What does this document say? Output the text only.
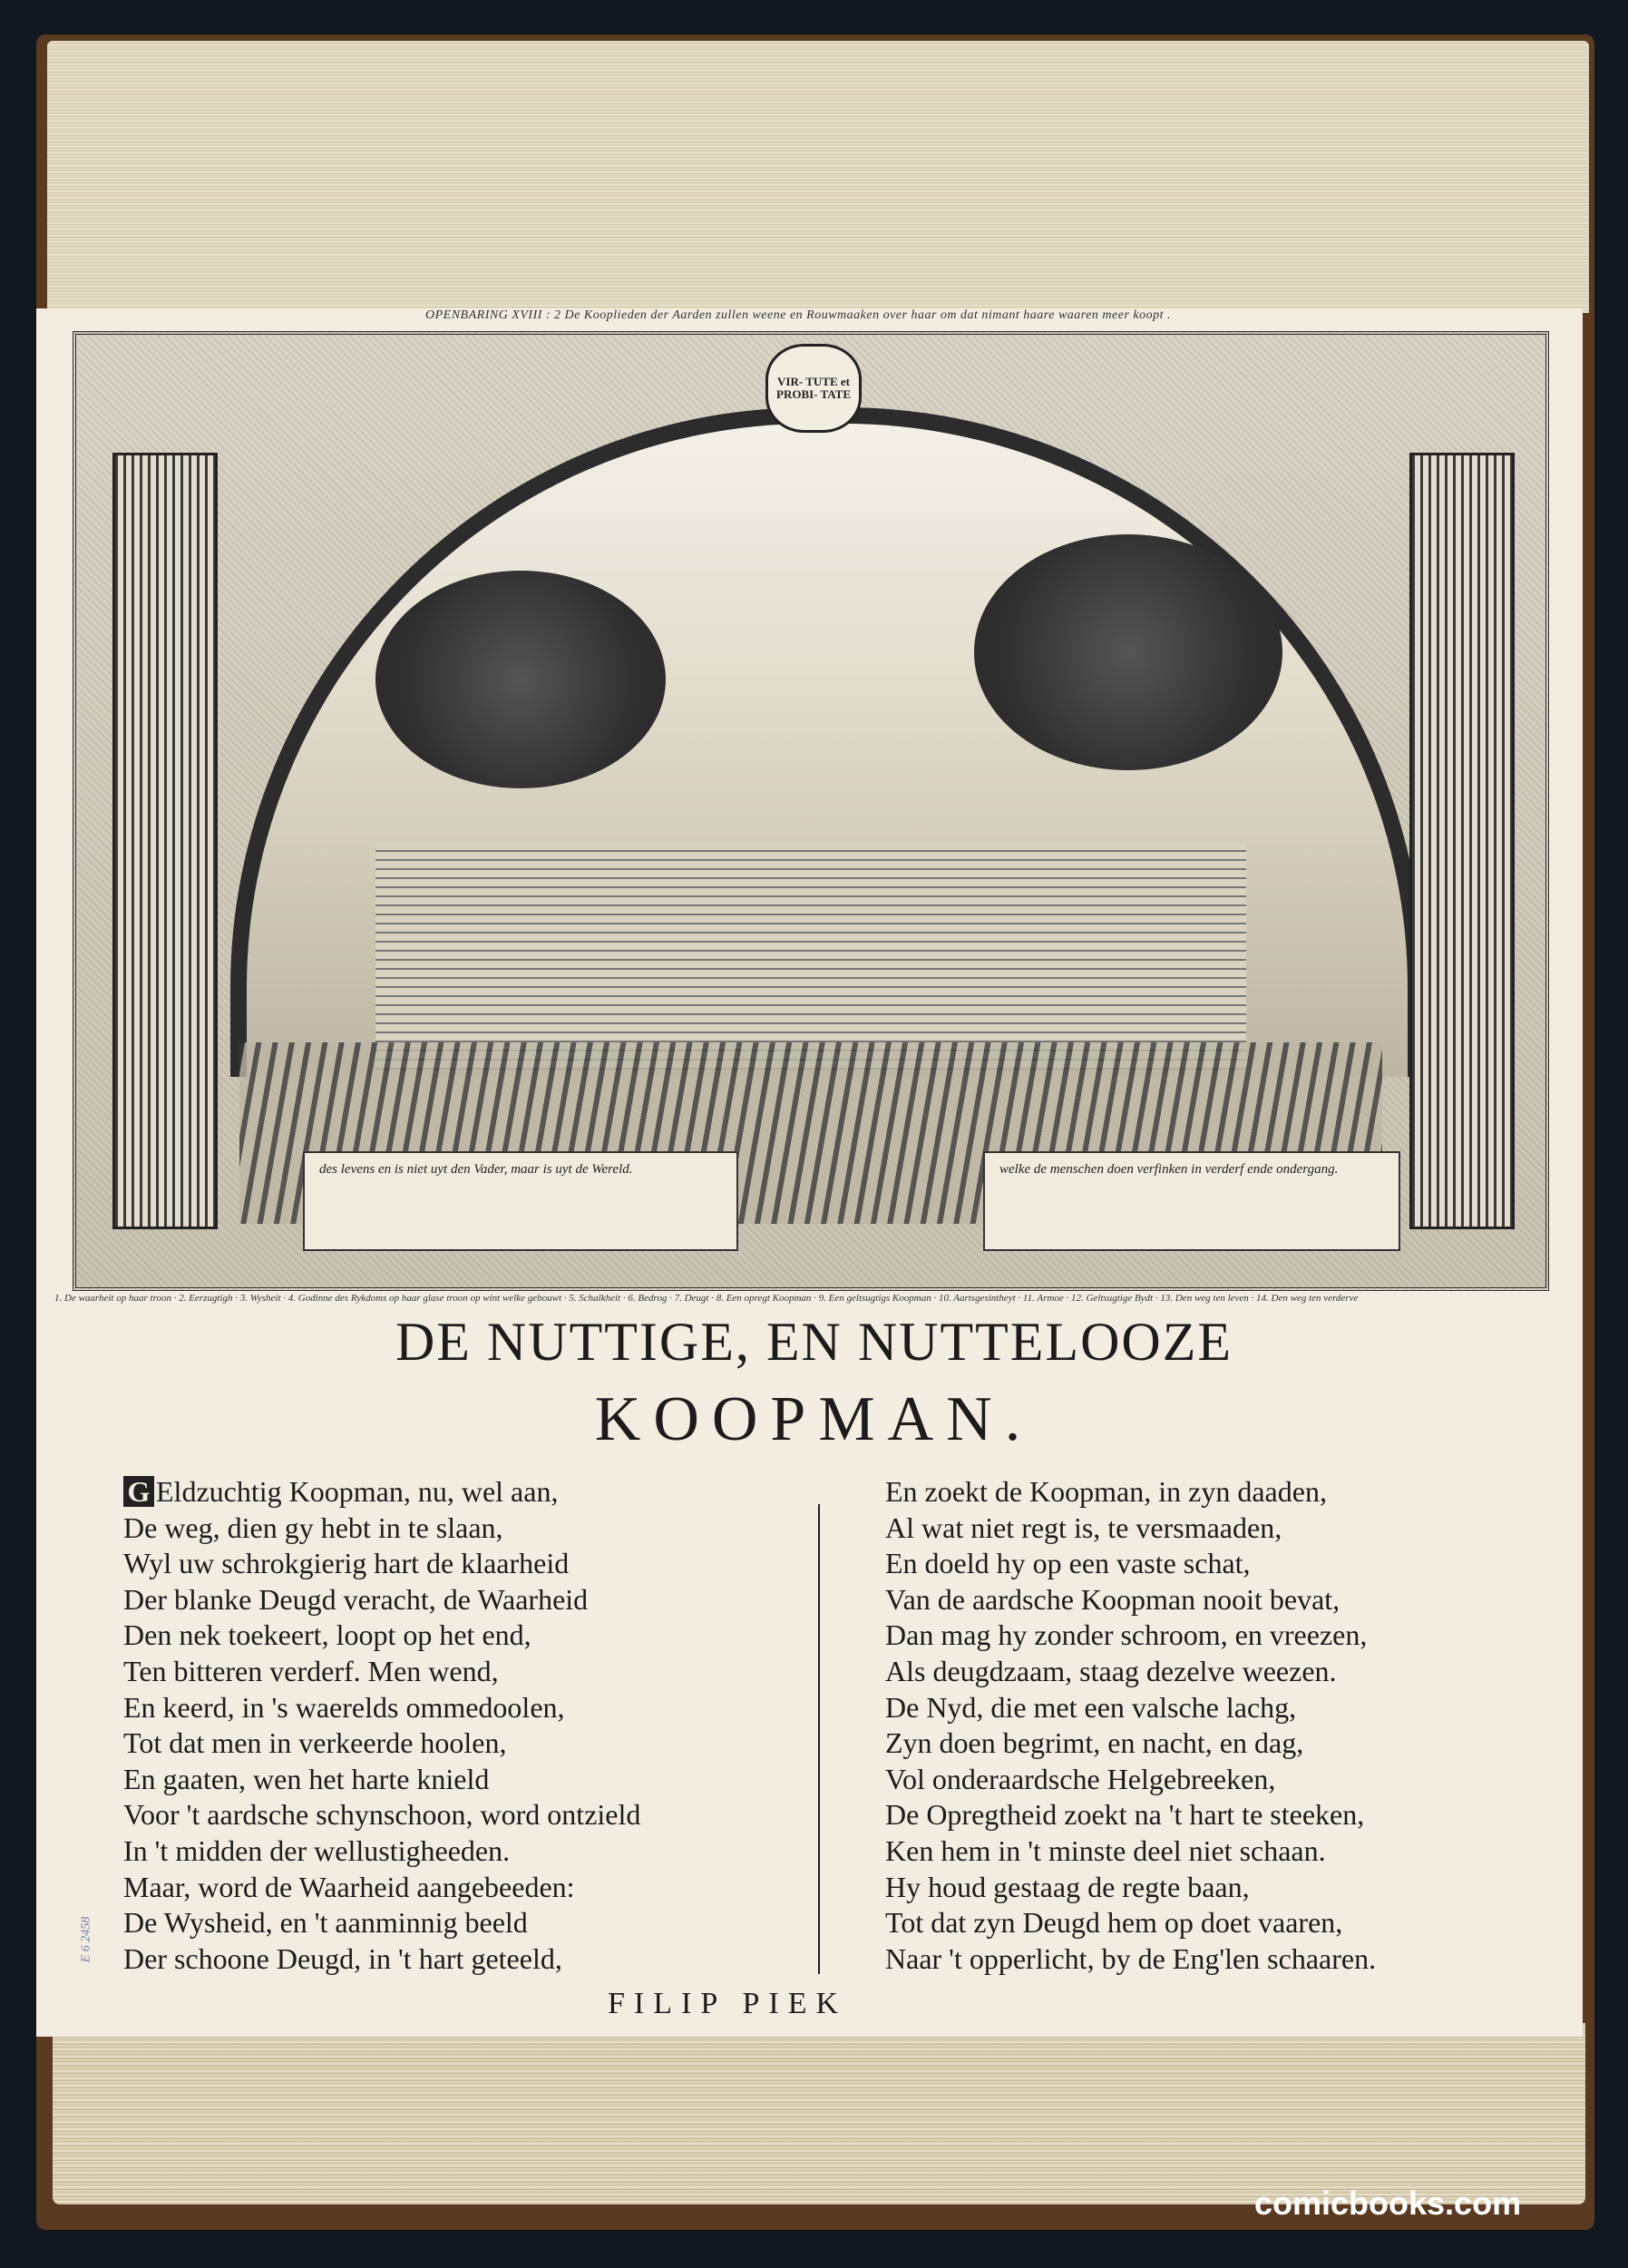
OPENBARING XVIII : 2 De Kooplieden der Aarden zullen weene en Rouwmaaken over haar om dat nimant haare waaren meer koopt .
VIR- TUTE et PROBI- TATE
des levens en is niet uyt den Vader, maar is uyt de Wereld.	welke de menschen doen verfinken in verderf ende ondergang.
1. De waarheit op haar troon · 2. Eerzugtigh · 3. Wysheit · 4. Godinne des Rykdoms op haar glase troon op wint welke gebouwt · 5. Schalkheit · 6. Bedrog · 7. Deugt · 8. Een opregt Koopman · 9. Een geltsugtigs Koopman · 10. Aartsgesintheyt · 11. Armoe · 12. Geltsugtige Bydt · 13. Den weg ten leven · 14. Den weg ten verderve
DE NUTTIGE, EN NUTTELOOZE
KOOPMAN.
G Eldzuchtig Koopman, nu, wel aan,
De weg, dien gy hebt in te slaan,
Wyl uw schrokgierig hart de klaarheid
Der blanke Deugd veracht, de Waarheid
Den nek toekeert, loopt op het end,
Ten bitteren verderf. Men wend,
En keerd, in 's waerelds ommedoolen,
Tot dat men in verkeerde hoolen,
En gaaten, wen het harte knield
Voor 't aardsche schynschoon, word ontzield
In 't midden der wellustigheeden.
Maar, word de Waarheid aangebeeden:
De Wysheid, en 't aanminnig beeld
Der schoone Deugd, in 't hart geteeld,
En zoekt de Koopman, in zyn daaden,
Al wat niet regt is, te versmaaden,
En doeld hy op een vaste schat,
Van de aardsche Koopman nooit bevat,
Dan mag hy zonder schroom, en vreezen,
Als deugdzaam, staag dezelve weezen.
De Nyd, die met een valsche lachg,
Zyn doen begrimt, en nacht, en dag,
Vol onderaardsche Helgebreeken,
De Opregtheid zoekt na 't hart te steeken,
Ken hem in 't minste deel niet schaan.
Hy houd gestaag de regte baan,
Tot dat zyn Deugd hem op doet vaaren,
Naar 't opperlicht, by de Eng'len schaaren.
FILIP PIEK
E 6 2458
comicbooks.com
